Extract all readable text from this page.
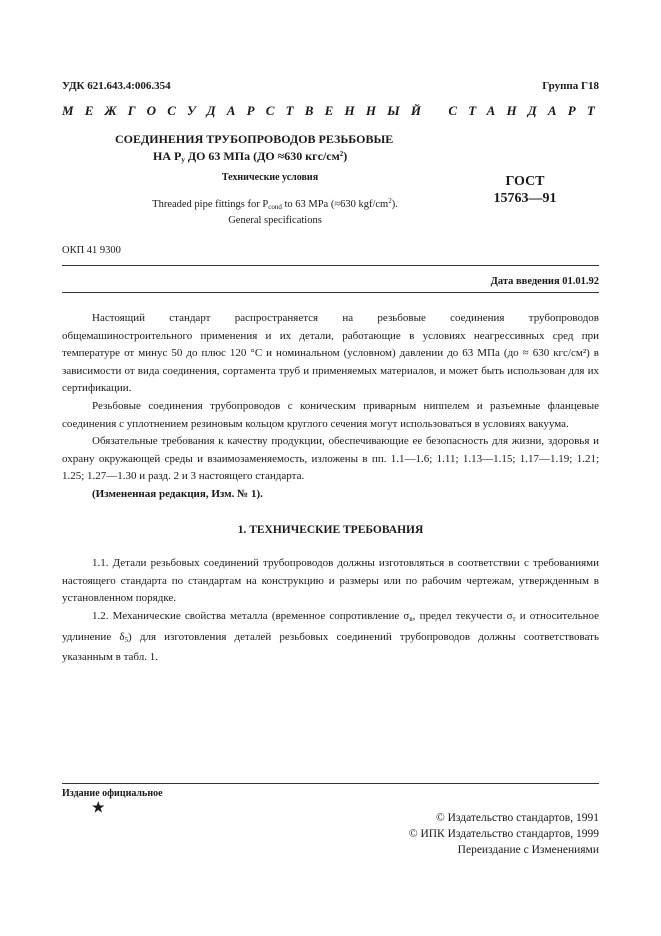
УДК 621.643.4:006.354	Группа Г18
МЕЖГОСУДАРСТВЕННЫЙ СТАНДАРТ
СОЕДИНЕНИЯ ТРУБОПРОВОДОВ РЕЗЬБОВЫЕ
НА Pу ДО 63 МПа (ДО ≈630 кгс/$см^2$)
Технические условия
Threaded pipe fittings for Pcond to 63 MPa (≈630 kgf/$cm^2$).
General specifications
ГОСТ
15763—91
ОКП 41 9300
Дата введения 01.01.92

Настоящий стандарт распространяется на резьбовые соединения трубопроводов общемашиностроительного применения и их детали, работающие в условиях неагрессивных сред при температуре от минус 50 до плюс 120 °С и номинальном (условном) давлении до 63 МПа (до ≈ 630 кгс/см²) в зависимости от вида соединения, сортамента труб и применяемых материалов, и может быть использован для их сертификации.

Резьбовые соединения трубопроводов с коническим приварным ниппелем и разъемные фланцевые соединения с уплотнением резиновым кольцом круглого сечения могут использоваться в условиях вакуума.

Обязательные требования к качеству продукции, обеспечивающие ее безопасность для жизни, здоровья и охрану окружающей среды и взаимозаменяемость, изложены в пп. 1.1—1.6; 1.11; 1.13—1.15; 1.17—1.19; 1.21; 1.25; 1.27—1.30 и разд. 2 и 3 настоящего стандарта.

(Измененная редакция, Изм. № 1).

1. ТЕХНИЧЕСКИЕ ТРЕБОВАНИЯ

1.1. Детали резьбовых соединений трубопроводов должны изготовляться в соответствии с требованиями настоящего стандарта по стандартам на конструкцию и размеры или по рабочим чертежам, утвержденным в установленном порядке.

1.2. Механические свойства металла (временное сопротивление σв, предел текучести σт и относительное удлинение δ5) для изготовления деталей резьбовых соединений трубопроводов должны соответствовать указанным в табл. 1.

Издание официальное
★
© Издательство стандартов, 1991
© ИПК Издательство стандартов, 1999
Переиздание с Изменениями
